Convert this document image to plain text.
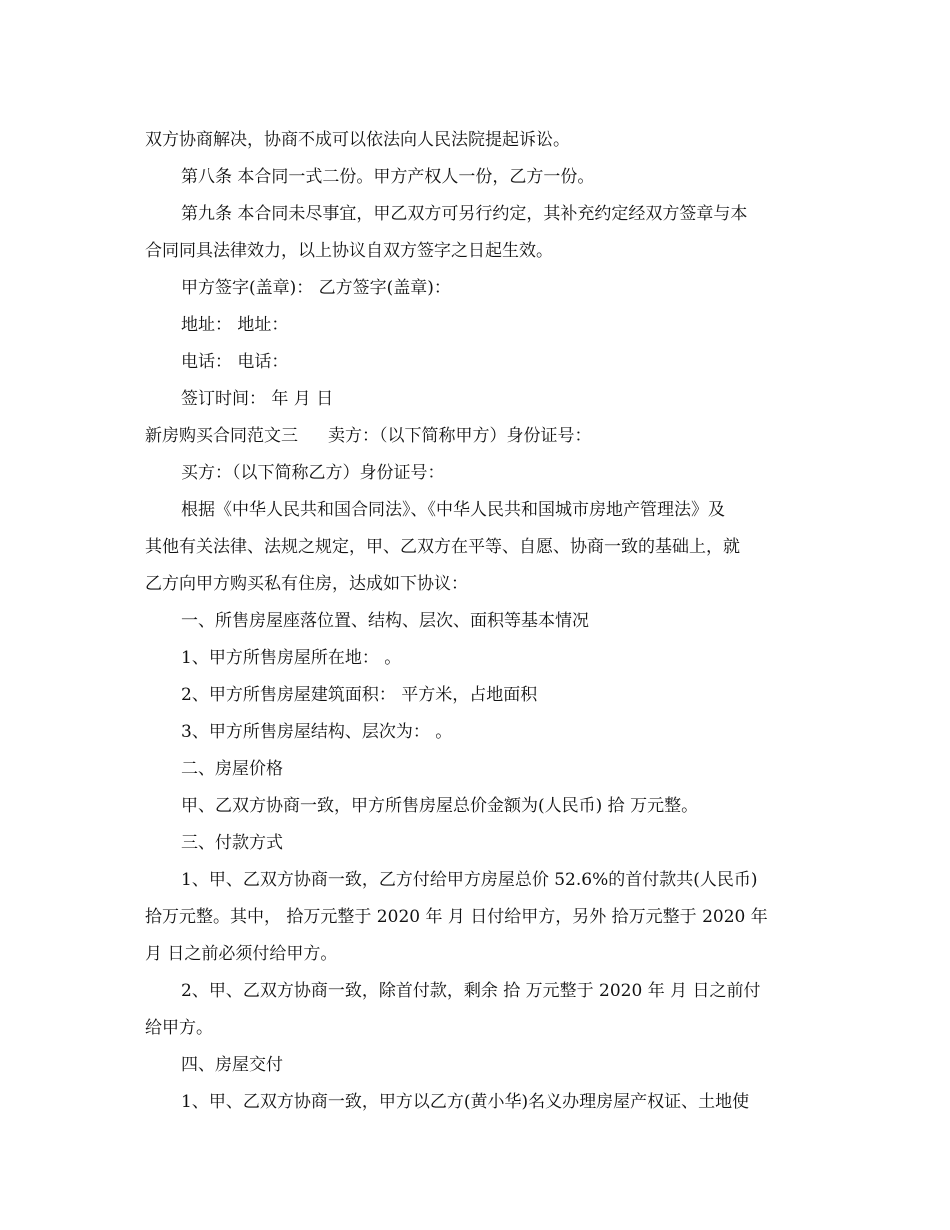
双方协商解决，协商不成可以依法向人民法院提起诉讼。
第八条 本合同一式二份。甲方产权人一份，乙方一份。
第九条 本合同未尽事宜，甲乙双方可另行约定，其补充约定经双方签章与本
合同同具法律效力，以上协议自双方签字之日起生效。
甲方签字(盖章)： 乙方签字(盖章)：
地址： 地址：
电话： 电话：
签订时间： 年 月 日
新房购买合同范文三 卖方：（以下简称甲方）身份证号：
买方：（以下简称乙方）身份证号：
根据《中华人民共和国合同法》、《中华人民共和国城市房地产管理法》及
其他有关法律、法规之规定，甲、乙双方在平等、自愿、协商一致的基础上，就
乙方向甲方购买私有住房，达成如下协议：
一、所售房屋座落位置、结构、层次、面积等基本情况
1、甲方所售房屋所在地： 。
2、甲方所售房屋建筑面积： 平方米，占地面积
3、甲方所售房屋结构、层次为： 。
二、房屋价格
甲、乙双方协商一致，甲方所售房屋总价金额为(人民币) 拾 万元整。
三、付款方式
1、甲、乙双方协商一致，乙方付给甲方房屋总价 52.6%的首付款共(人民币)
拾万元整。其中， 拾万元整于 2020 年 月 日付给甲方，另外 拾万元整于 2020 年
月 日之前必须付给甲方。
2、甲、乙双方协商一致，除首付款，剩余 拾 万元整于 2020 年 月 日之前付
给甲方。
四、房屋交付
1、甲、乙双方协商一致，甲方以乙方(黄小华)名义办理房屋产权证、土地使
